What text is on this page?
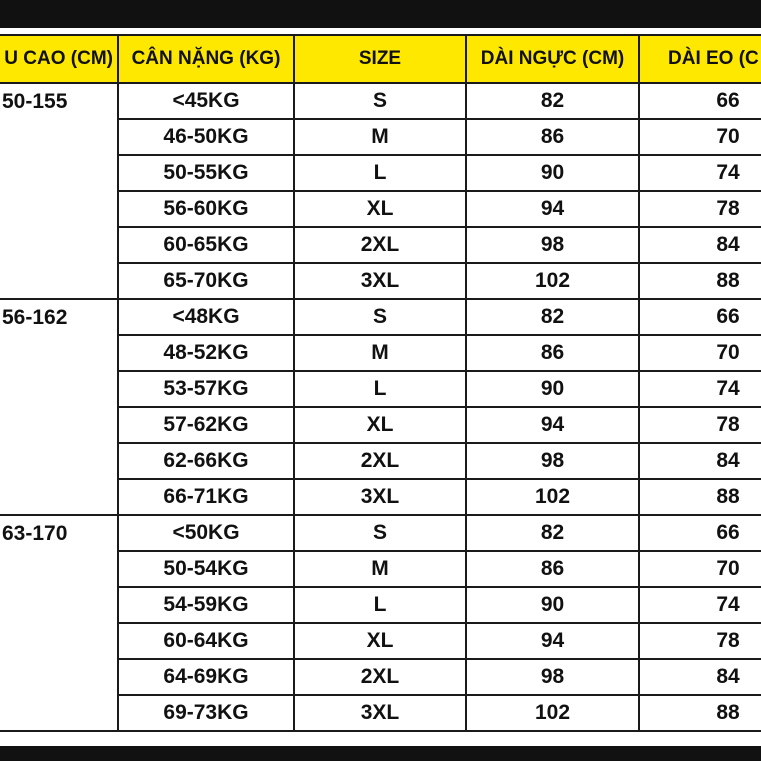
U CAO (CM)	CÂN NẶNG (KG)	SIZE	DÀI NGỰC (CM)	DÀI EO (C
50-155	<45KG	S	82	66
	46-50KG	M	86	70
	50-55KG	L	90	74
	56-60KG	XL	94	78
	60-65KG	2XL	98	84
	65-70KG	3XL	102	88
56-162	<48KG	S	82	66
	48-52KG	M	86	70
	53-57KG	L	90	74
	57-62KG	XL	94	78
	62-66KG	2XL	98	84
	66-71KG	3XL	102	88
63-170	<50KG	S	82	66
	50-54KG	M	86	70
	54-59KG	L	90	74
	60-64KG	XL	94	78
	64-69KG	2XL	98	84
	69-73KG	3XL	102	88
